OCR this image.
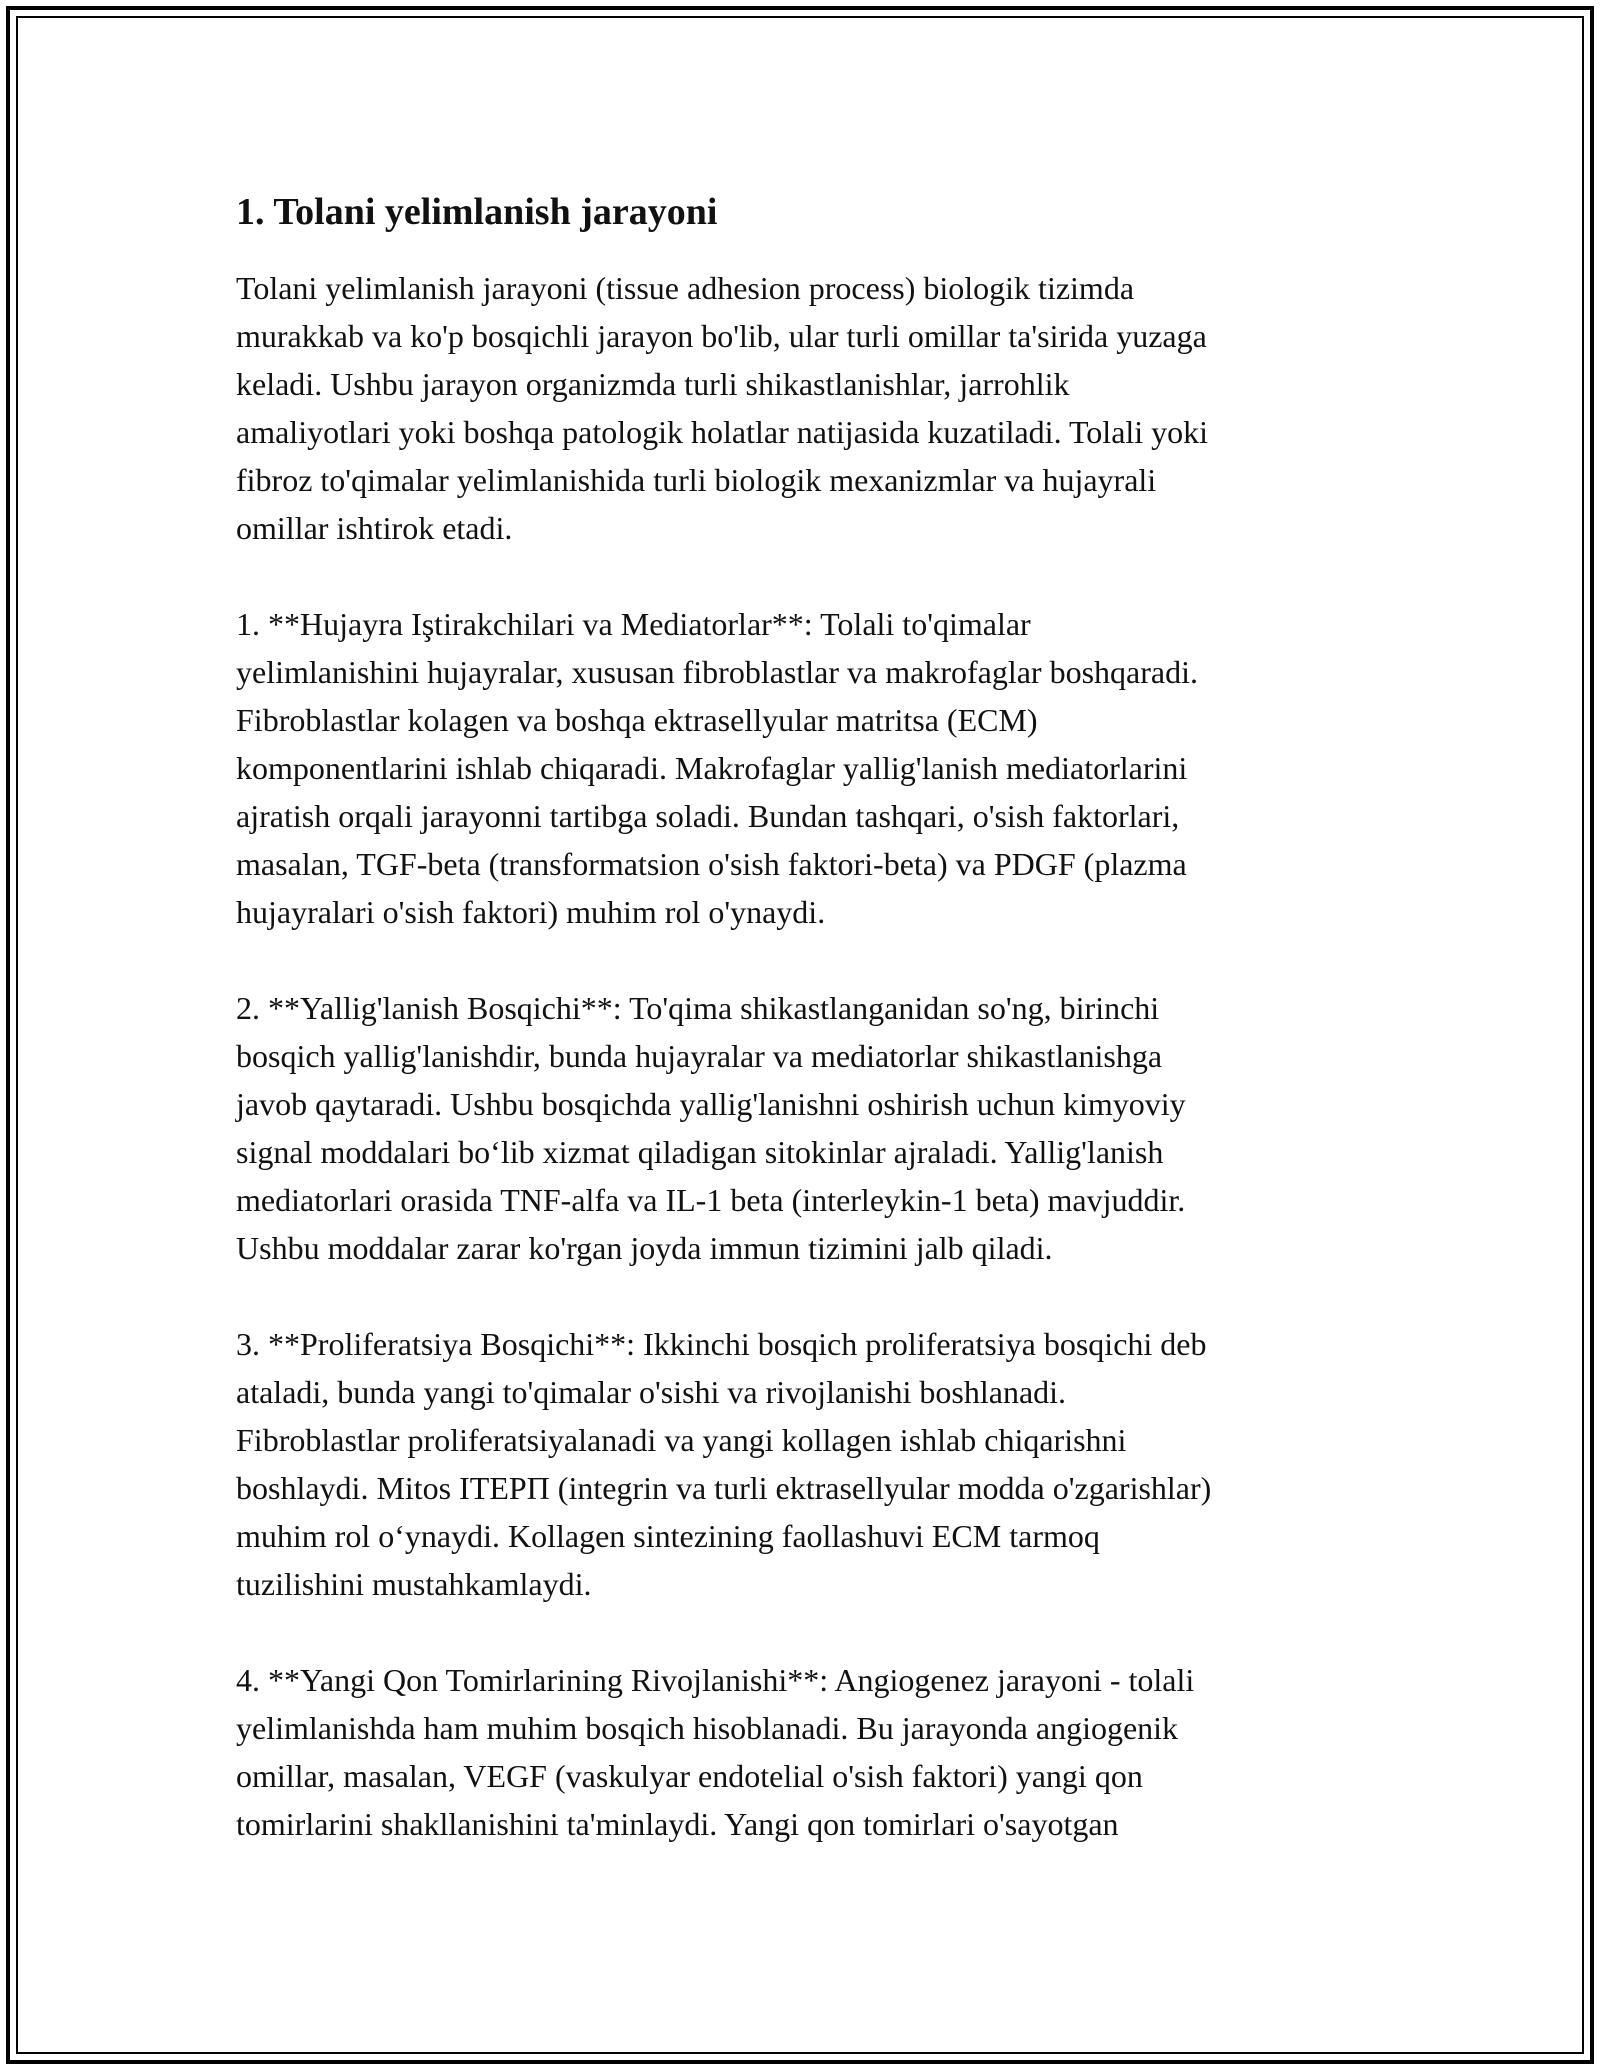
1. Tolani yelimlanish jarayoni

Tolani yelimlanish jarayoni (tissue adhesion process) biologik tizimda
murakkab va ko'p bosqichli jarayon bo'lib, ular turli omillar ta'sirida yuzaga
keladi. Ushbu jarayon organizmda turli shikastlanishlar, jarrohlik
amaliyotlari yoki boshqa patologik holatlar natijasida kuzatiladi. Tolali yoki
fibroz to'qimalar yelimlanishida turli biologik mexanizmlar va hujayrali
omillar ishtirok etadi.

1. **Hujayra Iştirakchilari va Mediatorlar**: Tolali to'qimalar
yelimlanishini hujayralar, xususan fibroblastlar va makrofaglar boshqaradi.
Fibroblastlar kolagen va boshqa ektrasellyular matritsa (ECM)
komponentlarini ishlab chiqaradi. Makrofaglar yallig'lanish mediatorlarini
ajratish orqali jarayonni tartibga soladi. Bundan tashqari, o'sish faktorlari,
masalan, TGF-beta (transformatsion o'sish faktori-beta) va PDGF (plazma
hujayralari o'sish faktori) muhim rol o'ynaydi.

2. **Yallig'lanish Bosqichi**: To'qima shikastlanganidan so'ng, birinchi
bosqich yallig'lanishdir, bunda hujayralar va mediatorlar shikastlanishga
javob qaytaradi. Ushbu bosqichda yallig'lanishni oshirish uchun kimyoviy
signal moddalari bo‘lib xizmat qiladigan sitokinlar ajraladi. Yallig'lanish
mediatorlari orasida TNF-alfa va IL-1 beta (interleykin-1 beta) mavjuddir.
Ushbu moddalar zarar ko'rgan joyda immun tizimini jalb qiladi.

3. **Proliferatsiya Bosqichi**: Ikkinchi bosqich proliferatsiya bosqichi deb
ataladi, bunda yangi to'qimalar o'sishi va rivojlanishi boshlanadi.
Fibroblastlar proliferatsiyalanadi va yangi kollagen ishlab chiqarishni
boshlaydi. Mitos ITEPΠ (integrin va turli ektrasellyular modda o'zgarishlar)
muhim rol o‘ynaydi. Kollagen sintezining faollashuvi ECM tarmoq
tuzilishini mustahkamlaydi.

4. **Yangi Qon Tomirlarining Rivojlanishi**: Angiogenez jarayoni - tolali
yelimlanishda ham muhim bosqich hisoblanadi. Bu jarayonda angiogenik
omillar, masalan, VEGF (vaskulyar endotelial o'sish faktori) yangi qon
tomirlarini shakllanishini ta'minlaydi. Yangi qon tomirlari o'sayotgan
